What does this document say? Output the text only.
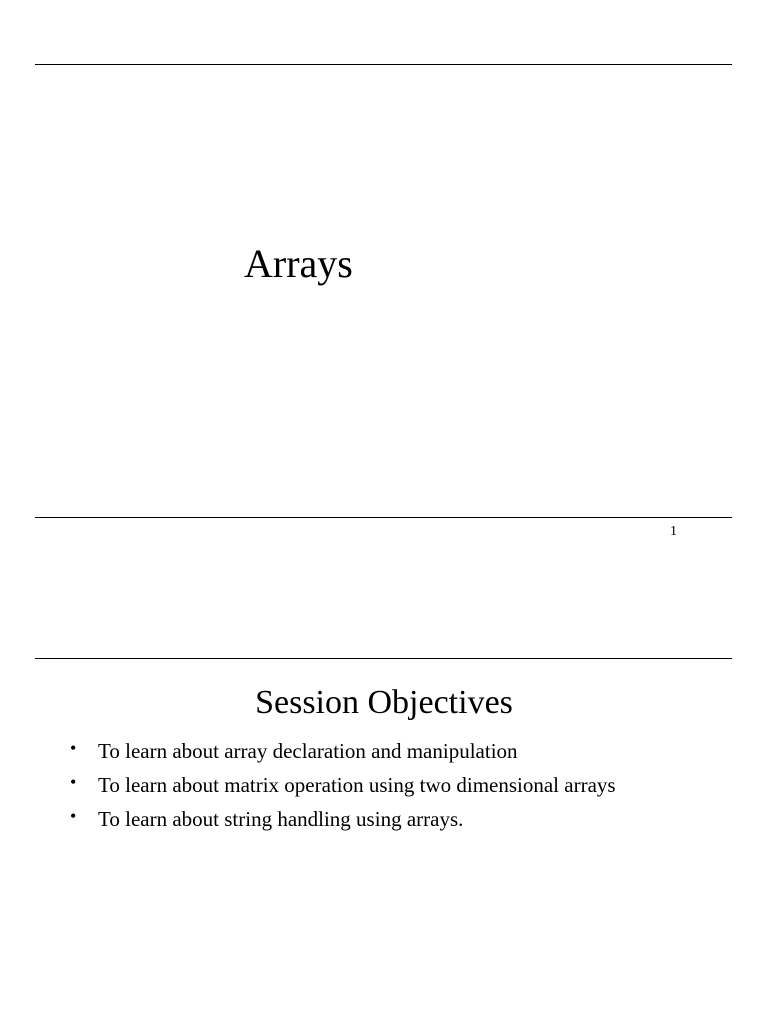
Arrays
1
Session Objectives
• To learn about array declaration and manipulation
• To learn about matrix operation using two dimensional arrays
• To learn about string handling using arrays.
